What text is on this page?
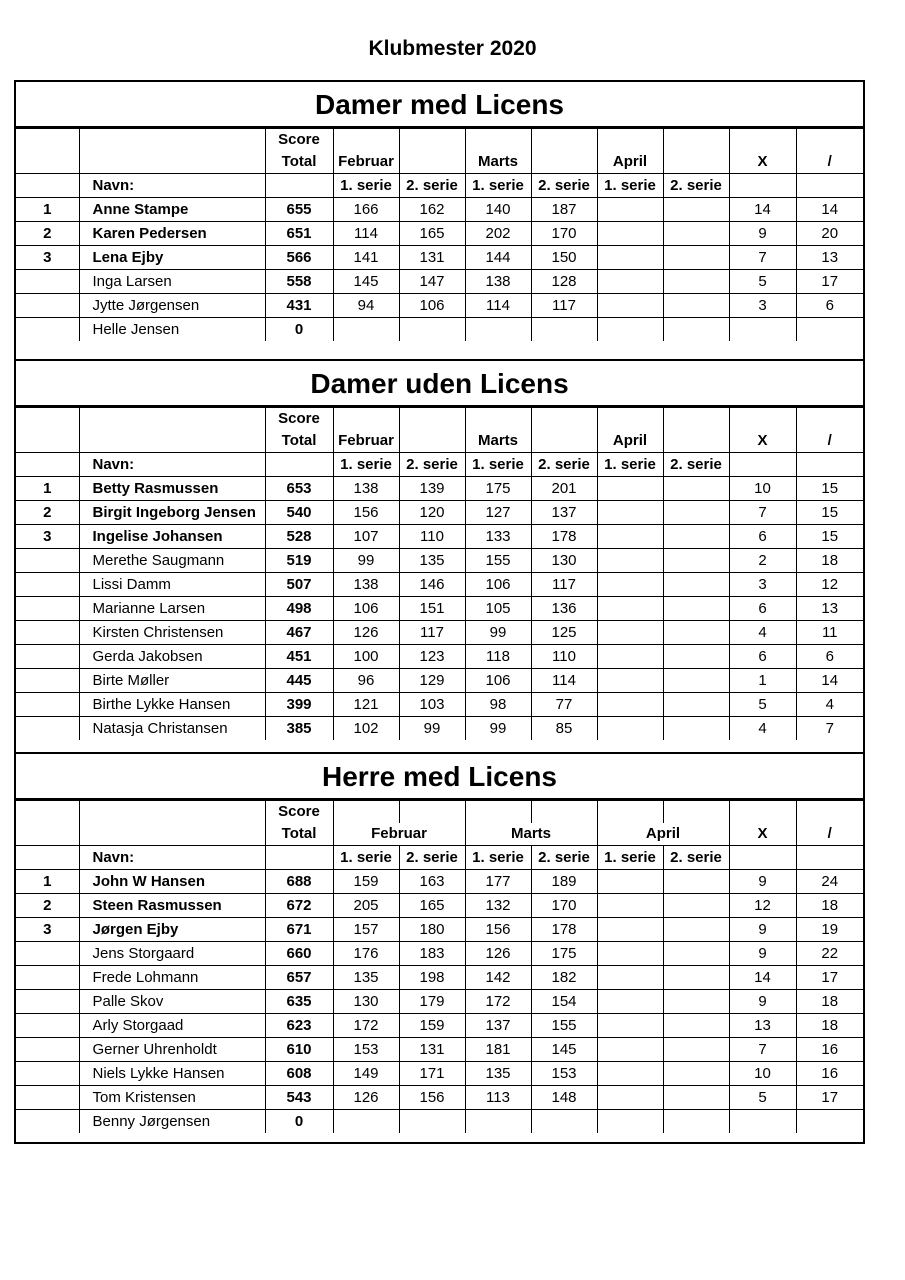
Klubmester 2020
Damer med Licens
		Score								
		Total	Februar		Marts		April		X	/
	Navn:		1. serie	2. serie	1. serie	2. serie	1. serie	2. serie		
1	Anne Stampe	655	166	162	140	187			14	14
2	Karen Pedersen	651	114	165	202	170			9	20
3	Lena Ejby	566	141	131	144	150			7	13
	Inga Larsen	558	145	147	138	128			5	17
	Jytte Jørgensen	431	94	106	114	117			3	6
	Helle Jensen	0								
Damer uden Licens
		Score								
		Total	Februar		Marts		April		X	/
	Navn:		1. serie	2. serie	1. serie	2. serie	1. serie	2. serie		
1	Betty Rasmussen	653	138	139	175	201			10	15
2	Birgit Ingeborg Jensen	540	156	120	127	137			7	15
3	Ingelise Johansen	528	107	110	133	178			6	15
	Merethe Saugmann	519	99	135	155	130			2	18
	Lissi Damm	507	138	146	106	117			3	12
	Marianne Larsen	498	106	151	105	136			6	13
	Kirsten Christensen	467	126	117	99	125			4	11
	Gerda Jakobsen	451	100	123	118	110			6	6
	Birte Møller	445	96	129	106	114			1	14
	Birthe Lykke Hansen	399	121	103	98	77			5	4
	Natasja Christansen	385	102	99	99	85			4	7
Herre med Licens
		Score								
		Total	Februar		Marts		April		X	/
	Navn:		1. serie	2. serie	1. serie	2. serie	1. serie	2. serie		
1	John W Hansen	688	159	163	177	189			9	24
2	Steen Rasmussen	672	205	165	132	170			12	18
3	Jørgen Ejby	671	157	180	156	178			9	19
	Jens Storgaard	660	176	183	126	175			9	22
	Frede Lohmann	657	135	198	142	182			14	17
	Palle Skov	635	130	179	172	154			9	18
	Arly Storgaad	623	172	159	137	155			13	18
	Gerner Uhrenholdt	610	153	131	181	145			7	16
	Niels Lykke Hansen	608	149	171	135	153			10	16
	Tom Kristensen	543	126	156	113	148			5	17
	Benny Jørgensen	0								
